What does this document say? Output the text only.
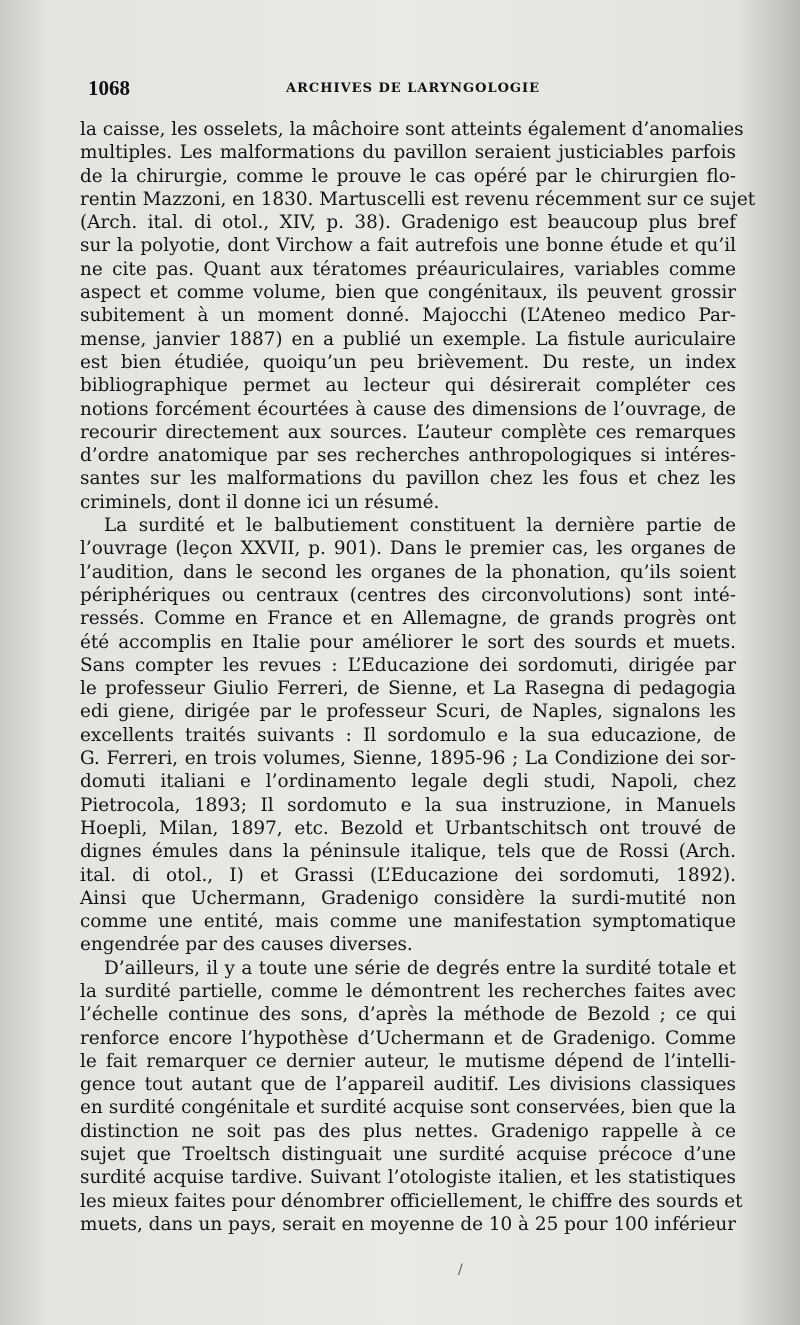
1068	ARCHIVES DE LARYNGOLOGIE
la caisse, les osselets, la mâchoire sont atteints également d’anomalies
multiples. Les malformations du pavillon seraient justiciables parfois
de la chirurgie, comme le prouve le cas opéré par le chirurgien flo-
rentin Mazzoni, en 1830. Martuscelli est revenu récemment sur ce sujet
(Arch. ital. di otol., XIV, p. 38). Gradenigo est beaucoup plus bref
sur la polyotie, dont Virchow a fait autrefois une bonne étude et qu’il
ne cite pas. Quant aux tératomes préauriculaires, variables comme
aspect et comme volume, bien que congénitaux, ils peuvent grossir
subitement à un moment donné. Majocchi (L’Ateneo medico Par-
mense, janvier 1887) en a publié un exemple. La fistule auriculaire
est bien étudiée, quoiqu’un peu brièvement. Du reste, un index
bibliographique permet au lecteur qui désirerait compléter ces
notions forcément écourtées à cause des dimensions de l’ouvrage, de
recourir directement aux sources. L’auteur complète ces remarques
d’ordre anatomique par ses recherches anthropologiques si intéres-
santes sur les malformations du pavillon chez les fous et chez les
criminels, dont il donne ici un résumé.
La surdité et le balbutiement constituent la dernière partie de
l’ouvrage (leçon XXVII, p. 901). Dans le premier cas, les organes de
l’audition, dans le second les organes de la phonation, qu’ils soient
périphériques ou centraux (centres des circonvolutions) sont inté-
ressés. Comme en France et en Allemagne, de grands progrès ont
été accomplis en Italie pour améliorer le sort des sourds et muets.
Sans compter les revues : L’Educazione dei sordomuti, dirigée par
le professeur Giulio Ferreri, de Sienne, et La Rasegna di pedagogia
edi giene, dirigée par le professeur Scuri, de Naples, signalons les
excellents traités suivants : Il sordomulo e la sua educazione, de
G. Ferreri, en trois volumes, Sienne, 1895-96 ; La Condizione dei sor-
domuti italiani e l’ordinamento legale degli studi, Napoli, chez
Pietrocola, 1893; Il sordomuto e la sua instruzione, in Manuels
Hoepli, Milan, 1897, etc. Bezold et Urbantschitsch ont trouvé de
dignes émules dans la péninsule italique, tels que de Rossi (Arch.
ital. di otol., I) et Grassi (L’Educazione dei sordomuti, 1892).
Ainsi que Uchermann, Gradenigo considère la surdi-mutité non
comme une entité, mais comme une manifestation symptomatique
engendrée par des causes diverses.
D’ailleurs, il y a toute une série de degrés entre la surdité totale et
la surdité partielle, comme le démontrent les recherches faites avec
l’échelle continue des sons, d’après la méthode de Bezold ; ce qui
renforce encore l’hypothèse d’Uchermann et de Gradenigo. Comme
le fait remarquer ce dernier auteur, le mutisme dépend de l’intelli-
gence tout autant que de l’appareil auditif. Les divisions classiques
en surdité congénitale et surdité acquise sont conservées, bien que la
distinction ne soit pas des plus nettes. Gradenigo rappelle à ce
sujet que Troeltsch distinguait une surdité acquise précoce d’une
surdité acquise tardive. Suivant l’otologiste italien, et les statistiques
les mieux faites pour dénombrer officiellement, le chiffre des sourds et
muets, dans un pays, serait en moyenne de 10 à 25 pour 100 inférieur
/
